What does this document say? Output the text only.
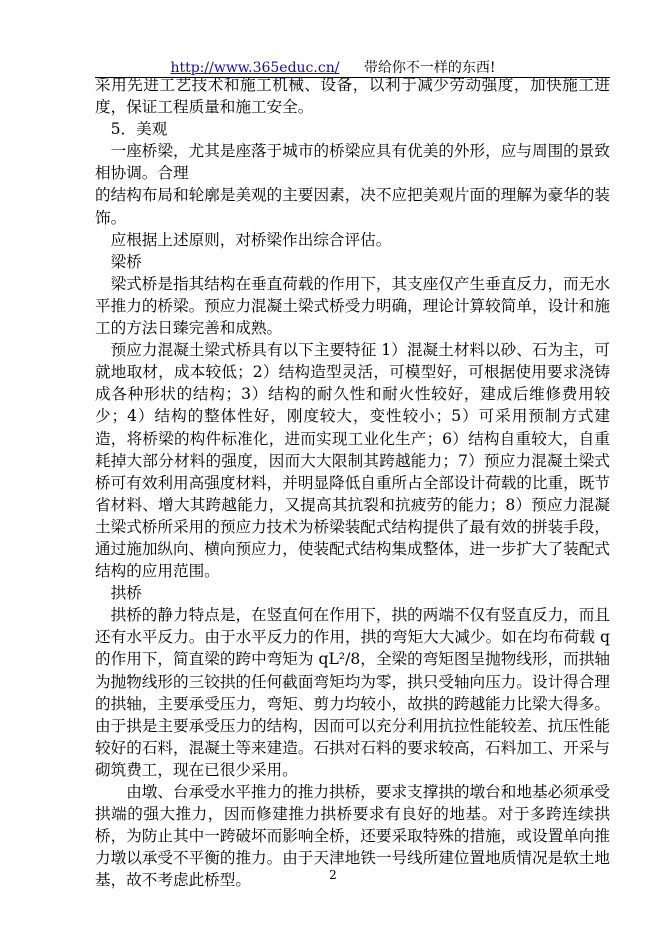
http://www.365educ.cn/ 带给你不一样的东西!

采用先进工艺技术和施工机械、设备，以利于减少劳动强度，加快施工进度，保证工程质量和施工安全。

5．美观

一座桥梁，尤其是座落于城市的桥梁应具有优美的外形，应与周围的景致相协调。合理

的结构布局和轮廓是美观的主要因素，决不应把美观片面的理解为豪华的装饰。

应根据上述原则，对桥梁作出综合评估。

梁桥

梁式桥是指其结构在垂直荷载的作用下，其支座仅产生垂直反力，而无水平推力的桥梁。预应力混凝土梁式桥受力明确，理论计算较简单，设计和施工的方法日臻完善和成熟。

预应力混凝土梁式桥具有以下主要特征 1）混凝土材料以砂、石为主，可就地取材，成本较低；2）结构造型灵活，可模型好，可根据使用要求浇铸成各种形状的结构；3）结构的耐久性和耐火性较好，建成后维修费用较少；4）结构的整体性好，刚度较大，变性较小；5）可采用预制方式建造，将桥梁的构件标准化，进而实现工业化生产；6）结构自重较大，自重耗掉大部分材料的强度，因而大大限制其跨越能力；7）预应力混凝土梁式桥可有效利用高强度材料，并明显降低自重所占全部设计荷载的比重，既节省材料、增大其跨越能力，又提高其抗裂和抗疲劳的能力；8）预应力混凝土梁式桥所采用的预应力技术为桥梁装配式结构提供了最有效的拼装手段，通过施加纵向、横向预应力，使装配式结构集成整体，进一步扩大了装配式结构的应用范围。

拱桥

拱桥的静力特点是，在竖直何在作用下，拱的两端不仅有竖直反力，而且还有水平反力。由于水平反力的作用，拱的弯矩大大减少。如在均布荷载 q 的作用下，简直梁的跨中弯矩为 qL²/8，全梁的弯矩图呈抛物线形，而拱轴为抛物线形的三铰拱的任何截面弯矩均为零，拱只受轴向压力。设计得合理的拱轴，主要承受压力，弯矩、剪力均较小，故拱的跨越能力比梁大得多。由于拱是主要承受压力的结构，因而可以充分利用抗拉性能较差、抗压性能较好的石料，混凝土等来建造。石拱对石料的要求较高，石料加工、开采与砌筑费工，现在已很少采用。

由墩、台承受水平推力的推力拱桥，要求支撑拱的墩台和地基必须承受拱端的强大推力，因而修建推力拱桥要求有良好的地基。对于多跨连续拱桥，为防止其中一跨破坏而影响全桥，还要采取特殊的措施，或设置单向推力墩以承受不平衡的推力。由于天津地铁一号线所建位置地质情况是软土地基，故不考虑此桥型。	2
